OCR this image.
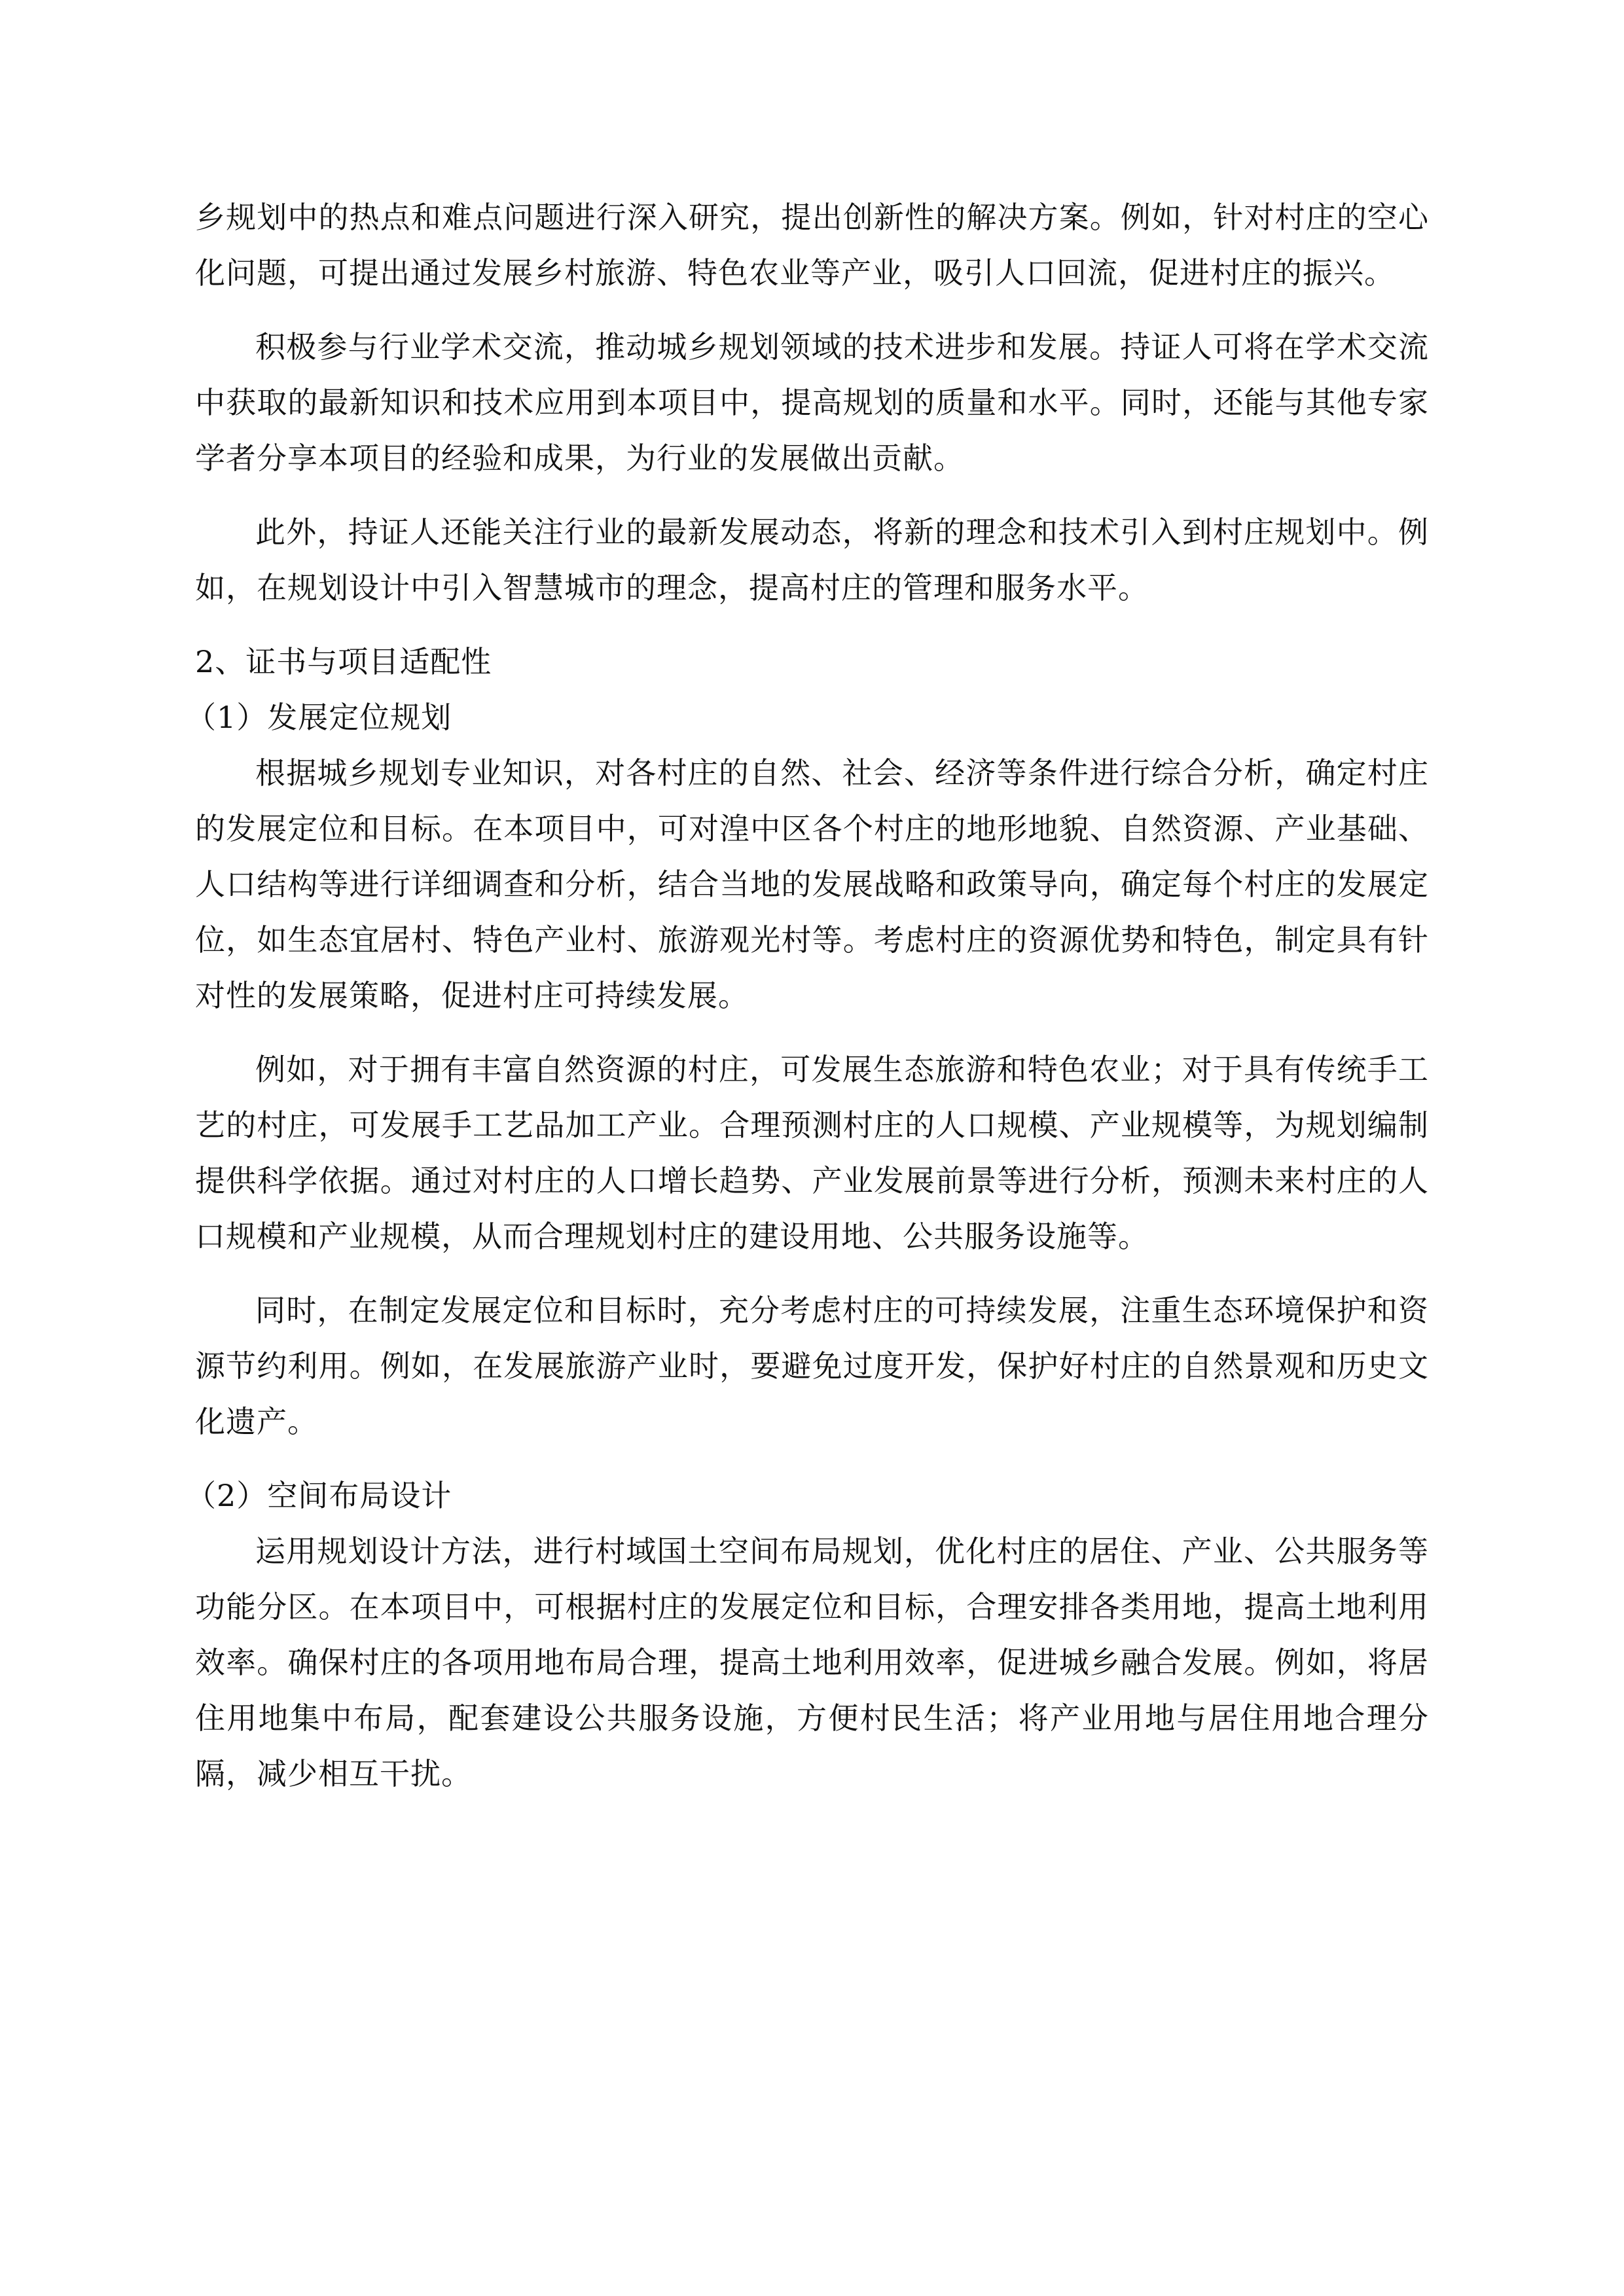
乡规划中的热点和难点问题进行深入研究，提出创新性的解决方案。例如，针对村庄的空心化问题，可提出通过发展乡村旅游、特色农业等产业，吸引人口回流，促进村庄的振兴。

积极参与行业学术交流，推动城乡规划领域的技术进步和发展。持证人可将在学术交流中获取的最新知识和技术应用到本项目中，提高规划的质量和水平。同时，还能与其他专家学者分享本项目的经验和成果，为行业的发展做出贡献。

此外，持证人还能关注行业的最新发展动态，将新的理念和技术引入到村庄规划中。例如，在规划设计中引入智慧城市的理念，提高村庄的管理和服务水平。

2、证书与项目适配性

（1）发展定位规划

根据城乡规划专业知识，对各村庄的自然、社会、经济等条件进行综合分析，确定村庄的发展定位和目标。在本项目中，可对湟中区各个村庄的地形地貌、自然资源、产业基础、人口结构等进行详细调查和分析，结合当地的发展战略和政策导向，确定每个村庄的发展定位，如生态宜居村、特色产业村、旅游观光村等。考虑村庄的资源优势和特色，制定具有针对性的发展策略，促进村庄可持续发展。

例如，对于拥有丰富自然资源的村庄，可发展生态旅游和特色农业；对于具有传统手工艺的村庄，可发展手工艺品加工产业。合理预测村庄的人口规模、产业规模等，为规划编制提供科学依据。通过对村庄的人口增长趋势、产业发展前景等进行分析，预测未来村庄的人口规模和产业规模，从而合理规划村庄的建设用地、公共服务设施等。

同时，在制定发展定位和目标时，充分考虑村庄的可持续发展，注重生态环境保护和资源节约利用。例如，在发展旅游产业时，要避免过度开发，保护好村庄的自然景观和历史文化遗产。

（2）空间布局设计

运用规划设计方法，进行村域国土空间布局规划，优化村庄的居住、产业、公共服务等功能分区。在本项目中，可根据村庄的发展定位和目标，合理安排各类用地，提高土地利用效率。确保村庄的各项用地布局合理，提高土地利用效率，促进城乡融合发展。例如，将居住用地集中布局，配套建设公共服务设施，方便村民生活；将产业用地与居住用地合理分隔，减少相互干扰。
